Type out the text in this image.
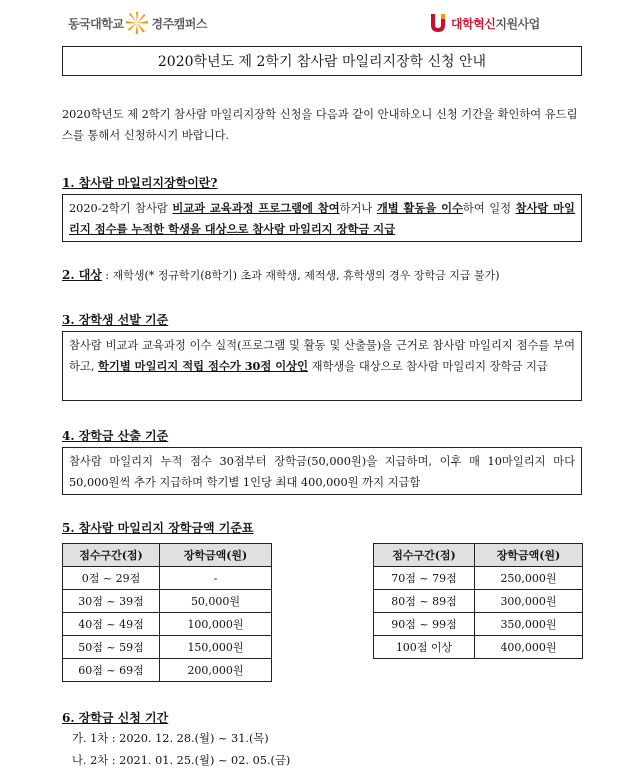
동국대학교 경주캠퍼스	대학혁신 지원사업
2020학년도 제 2학기 참사람 마일리지장학 신청 안내
2020학년도 제 2학기 참사람 마일리지장학 신청을 다음과 같이 안내하오니 신청 기간을 확인하여 유드림스를 통해서 신청하시기 바랍니다.
1. 참사람 마일리지장학이란?
2020-2학기 참사람 비교과 교육과정 프로그램에 참여하거나 개별 활동을 이수하여 일정 참사람 마일리지 점수를 누적한 학생을 대상으로 참사람 마일리지 장학금 지급
2. 대상 : 재학생(* 정규학기(8학기) 초과 재학생, 제적생, 휴학생의 경우 장학금 지급 불가)
3. 장학생 선발 기준
참사람 비교과 교육과정 이수 실적(프로그램 및 활동 및 산출물)을 근거로 참사람 마일리지 점수를 부여하고, 학기별 마일리지 적립 점수가 30점 이상인 재학생을 대상으로 참사람 마일리지 장학금 지급
4. 장학금 산출 기준
참사람 마일리지 누적 점수 30점부터 장학금(50,000원)을 지급하며, 이후 매 10마일리지 마다 50,000원씩 추가 지급하며 학기별 1인당 최대 400,000원 까지 지급함
5. 참사람 마일리지 장학금액 기준표
점수구간(점)	장학금액(원)
0점 ~ 29점	-
30점 ~ 39점	50,000원
40점 ~ 49점	100,000원
50점 ~ 59점	150,000원
60점 ~ 69점	200,000원
점수구간(점)	장학금액(원)
70점 ~ 79점	250,000원
80점 ~ 89점	300,000원
90점 ~ 99점	350,000원
100점 이상	400,000원
6. 장학금 신청 기간
가. 1차 : 2020. 12. 28.(월) ~ 31.(목)
나. 2차 : 2021. 01. 25.(월) ~ 02. 05.(금)
